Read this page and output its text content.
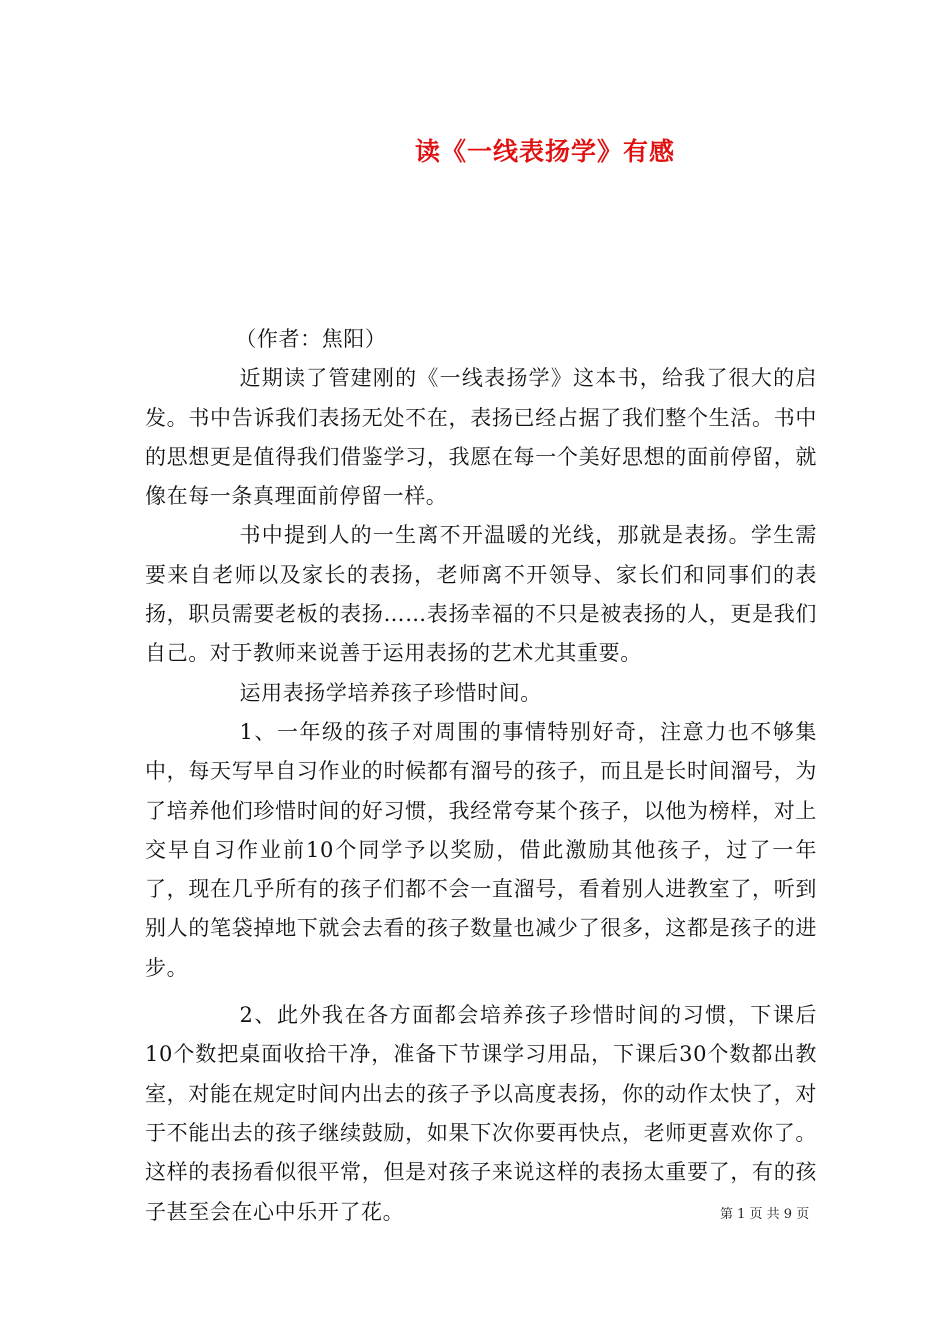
读《一线表扬学》有感

（作者：焦阳）

近期读了管建刚的《一线表扬学》这本书，给我了很大的启发。书中告诉我们表扬无处不在，表扬已经占据了我们整个生活。书中的思想更是值得我们借鉴学习，我愿在每一个美好思想的面前停留，就像在每一条真理面前停留一样。

书中提到人的一生离不开温暖的光线，那就是表扬。学生需要来自老师以及家长的表扬，老师离不开领导、家长们和同事们的表扬，职员需要老板的表扬……表扬幸福的不只是被表扬的人，更是我们自己。对于教师来说善于运用表扬的艺术尤其重要。

运用表扬学培养孩子珍惜时间。

1、一年级的孩子对周围的事情特别好奇，注意力也不够集中，每天写早自习作业的时候都有溜号的孩子，而且是长时间溜号，为了培养他们珍惜时间的好习惯，我经常夸某个孩子，以他为榜样，对上交早自习作业前10个同学予以奖励，借此激励其他孩子，过了一年了，现在几乎所有的孩子们都不会一直溜号，看着别人进教室了，听到别人的笔袋掉地下就会去看的孩子数量也减少了很多，这都是孩子的进步。

2、此外我在各方面都会培养孩子珍惜时间的习惯，下课后10个数把桌面收拾干净，准备下节课学习用品，下课后30个数都出教室，对能在规定时间内出去的孩子予以高度表扬，你的动作太快了，对于不能出去的孩子继续鼓励，如果下次你要再快点，老师更喜欢你了。这样的表扬看似很平常，但是对孩子来说这样的表扬太重要了，有的孩子甚至会在心中乐开了花。	第 1 页 共 9 页
